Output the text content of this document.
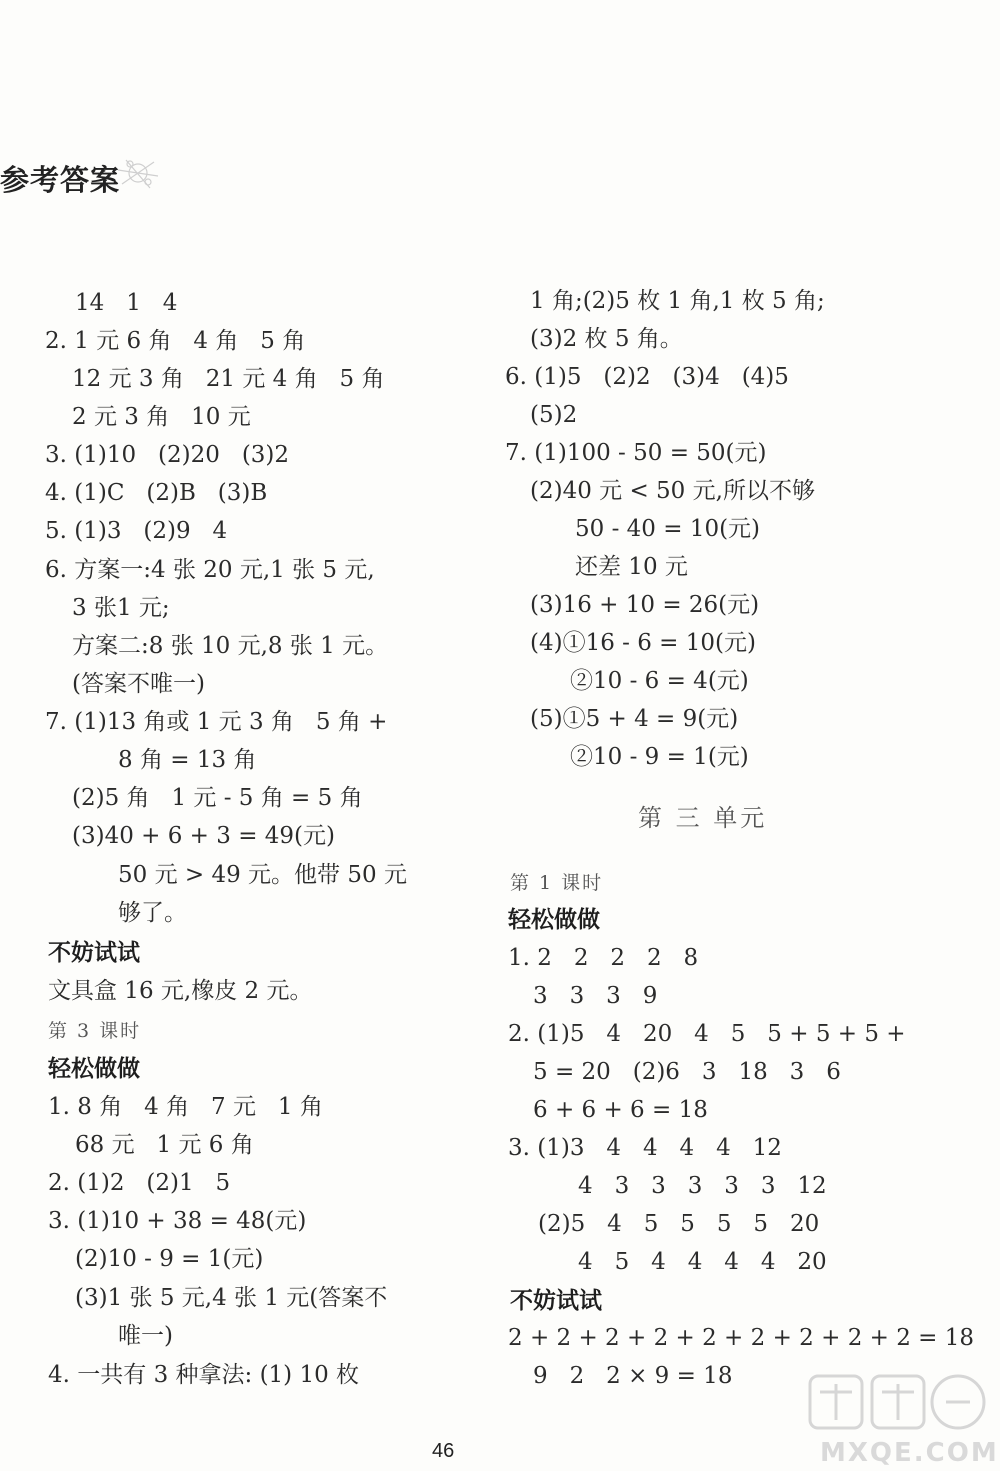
参考答案
14   1   4
2. 1 元 6 角   4 角   5 角
12 元 3 角   21 元 4 角   5 角
2 元 3 角   10 元
3. (1)10   (2)20   (3)2
4. (1)C   (2)B   (3)B
5. (1)3   (2)9   4
6. 方案一:4 张 20 元,1 张 5 元,
3 张1 元;
方案二:8 张 10 元,8 张 1 元。
(答案不唯一)
7. (1)13 角或 1 元 3 角   5 角 +
8 角 = 13 角
(2)5 角   1 元 - 5 角 = 5 角
(3)40 + 6 + 3 = 49(元)
50 元 > 49 元。他带 50 元
够了。
不妨试试
文具盒 16 元,橡皮 2 元。
第 3 课时
轻松做做
1. 8 角   4 角   7 元   1 角
68 元   1 元 6 角
2. (1)2   (2)1   5
3. (1)10 + 38 = 48(元)
(2)10 - 9 = 1(元)
(3)1 张 5 元,4 张 1 元(答案不
唯一)
4. 一共有 3 种拿法: (1) 10 枚
1 角;(2)5 枚 1 角,1 枚 5 角;
(3)2 枚 5 角。
6. (1)5   (2)2   (3)4   (4)5
(5)2
7. (1)100 - 50 = 50(元)
(2)40 元 < 50 元,所以不够
50 - 40 = 10(元)
还差 10 元
(3)16 + 10 = 26(元)
(4)①16 - 6 = 10(元)
②10 - 6 = 4(元)
(5)①5 + 4 = 9(元)
②10 - 9 = 1(元)
第 三 单元
第 1 课时
轻松做做
1. 2   2   2   2   8
3   3   3   9
2. (1)5   4   20   4   5   5 + 5 + 5 +
5 = 20   (2)6   3   18   3   6
6 + 6 + 6 = 18
3. (1)3   4   4   4   4   12
4   3   3   3   3   3   12
(2)5   4   5   5   5   5   20
4   5   4   4   4   4   20
不妨试试
2 + 2 + 2 + 2 + 2 + 2 + 2 + 2 + 2 = 18
9   2   2 × 9 = 18
46	MXQE.COM
